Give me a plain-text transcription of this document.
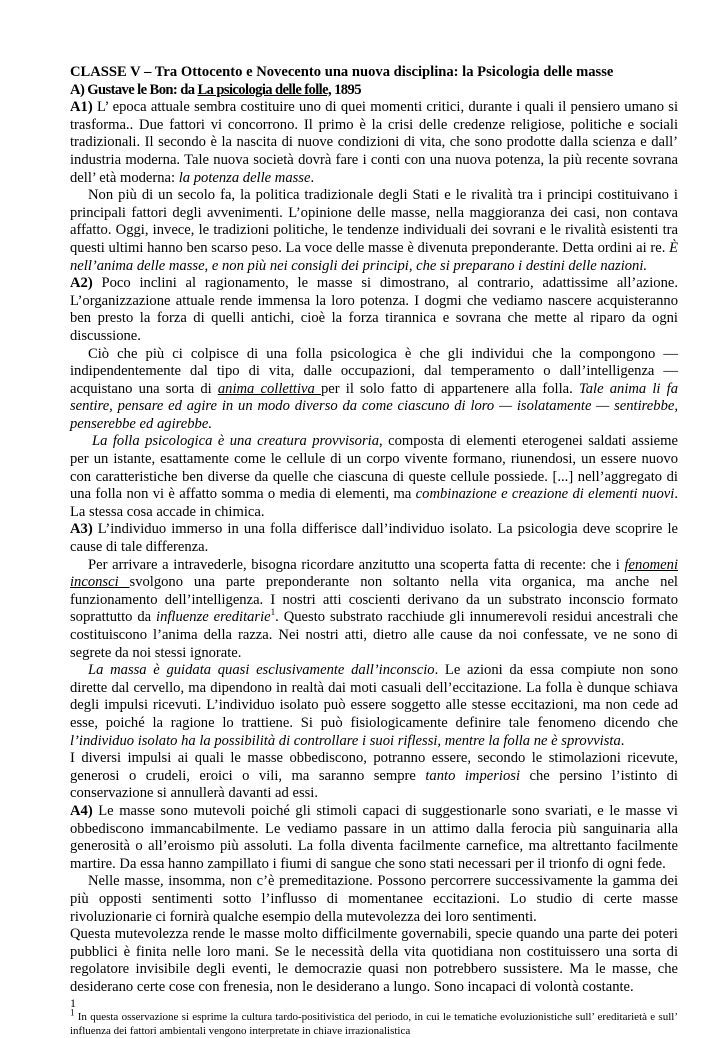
CLASSE V – Tra Ottocento e Novecento una nuova disciplina: la Psicologia delle masse

A) Gustave le Bon: da La psicologia delle folle, 1895

A1) L’ epoca attuale sembra costituire uno di quei momenti critici, durante i quali il pensiero umano si trasforma.. Due fattori vi concorrono. Il primo è la crisi delle credenze religiose, politiche e sociali tradizionali. Il secondo è la nascita di nuove condizioni di vita, che sono prodotte dalla scienza e dall’ industria moderna. Tale nuova società dovrà fare i conti con una nuova potenza, la più recente sovrana dell’ età moderna: la potenza delle masse.

Non più di un secolo fa, la politica tradizionale degli Stati e le rivalità tra i principi costituivano i principali fattori degli avvenimenti. L’opinione delle masse, nella maggioranza dei casi, non contava affatto. Oggi, invece, le tradizioni politiche, le tendenze individuali dei sovrani e le rivalità esistenti tra questi ultimi hanno ben scarso peso. La voce delle masse è divenuta preponderante. Detta ordini ai re. È nell’anima delle masse, e non più nei consigli dei principi, che si preparano i destini delle nazioni.

A2) Poco inclini al ragionamento, le masse si dimostrano, al contrario, adattissime all’azione. L’organizzazione attuale rende immensa la loro potenza. I dogmi che vediamo nascere acquisteranno ben presto la forza di quelli antichi, cioè la forza tirannica e sovrana che mette al riparo da ogni discussione.

Ciò che più ci colpisce di una folla psicologica è che gli individui che la compongono — indipendentemente dal tipo di vita, dalle occupazioni, dal temperamento o dall’intelligenza — acquistano una sorta di anima collettiva per il solo fatto di appartenere alla folla. Tale anima li fa sentire, pensare ed agire in un modo diverso da come ciascuno di loro — isolatamente — sentirebbe, penserebbe ed agirebbe.

La folla psicologica è una creatura provvisoria, composta di elementi eterogenei saldati assieme per un istante, esattamente come le cellule di un corpo vivente formano, riunendosi, un essere nuovo con caratteristiche ben diverse da quelle che ciascuna di queste cellule possiede. [...] nell’aggregato di una folla non vi è affatto somma o media di elementi, ma combinazione e creazione di elementi nuovi. La stessa cosa accade in chimica.

A3) L’individuo immerso in una folla differisce dall’individuo isolato. La psicologia deve scoprire le cause di tale differenza.

Per arrivare a intravederle, bisogna ricordare anzitutto una scoperta fatta di recente: che i fenomeni inconsci svolgono una parte preponderante non soltanto nella vita organica, ma anche nel funzionamento dell’intelligenza. I nostri atti coscienti derivano da un substrato inconscio formato soprattutto da influenze ereditarie$^1$. Questo substrato racchiude gli innumerevoli residui ancestrali che costituiscono l’anima della razza. Nei nostri atti, dietro alle cause da noi confessate, ve ne sono di segrete da noi stessi ignorate.

La massa è guidata quasi esclusivamente dall’inconscio. Le azioni da essa compiute non sono dirette dal cervello, ma dipendono in realtà dai moti casuali dell’eccitazione. La folla è dunque schiava degli impulsi ricevuti. L’individuo isolato può essere soggetto alle stesse eccitazioni, ma non cede ad esse, poiché la ragione lo trattiene. Si può fisiologicamente definire tale fenomeno dicendo che l’individuo isolato ha la possibilità di controllare i suoi riflessi, mentre la folla ne è sprovvista.

I diversi impulsi ai quali le masse obbediscono, potranno essere, secondo le stimolazioni ricevute, generosi o crudeli, eroici o vili, ma saranno sempre tanto imperiosi che persino l’istinto di conservazione si annullerà davanti ad essi.

A4) Le masse sono mutevoli poiché gli stimoli capaci di suggestionarle sono svariati, e le masse vi obbediscono immancabilmente. Le vediamo passare in un attimo dalla ferocia più sanguinaria alla generosità o all’eroismo più assoluti. La folla diventa facilmente carnefice, ma altrettanto facilmente martire. Da essa hanno zampillato i fiumi di sangue che sono stati necessari per il trionfo di ogni fede.

Nelle masse, insomma, non c’è premeditazione. Possono percorrere successivamente la gamma dei più opposti sentimenti sotto l’influsso di momentanee eccitazioni. Lo studio di certe masse rivoluzionarie ci fornirà qualche esempio della mutevolezza dei loro sentimenti.

Questa mutevolezza rende le masse molto difficilmente governabili, specie quando una parte dei poteri pubblici è finita nelle loro mani. Se le necessità della vita quotidiana non costituissero una sorta di regolatore invisibile degli eventi, le democrazie quasi non potrebbero sussistere. Ma le masse, che desiderano certe cose con frenesia, non le desiderano a lungo. Sono incapaci di volontà costante.

1

$^1$ In questa osservazione si esprime la cultura tardo-positivistica del periodo, in cui le tematiche evoluzionistiche sull’ ereditarietà e sull’ influenza dei fattori ambientali vengono interpretate in chiave irrazionalistica
